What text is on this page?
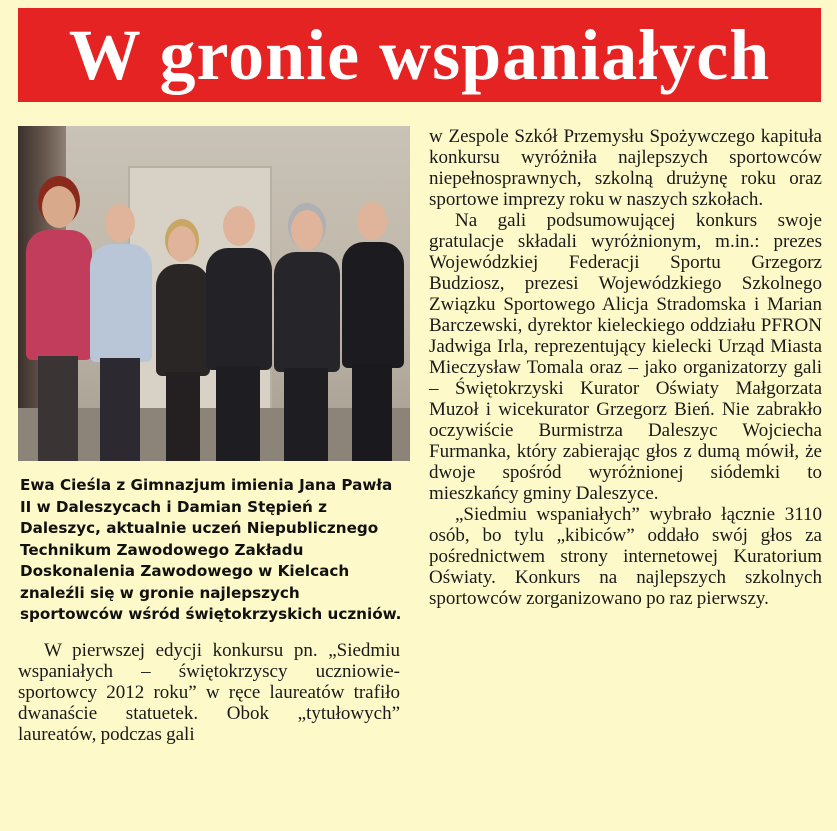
W gronie wspaniałych

Ewa Cieśla z Gimnazjum imienia Jana Pawła II w Daleszycach i Damian Stępień z Daleszyc, aktualnie uczeń Niepublicznego Technikum Zawodowego Zakładu Doskonalenia Zawodowego w Kielcach znaleźli się w gronie najlepszych sportowców wśród świętokrzyskich uczniów.

W pierwszej edycji konkursu pn. „Siedmiu wspaniałych – świętokrzyscy uczniowie-sportowcy 2012 roku” w ręce laureatów trafiło dwanaście statuetek. Obok „tytułowych” laureatów, podczas gali

w Zespole Szkół Przemysłu Spożywczego kapituła konkursu wyróżniła najlepszych sportowców niepełnosprawnych, szkolną drużynę roku oraz sportowe imprezy roku w naszych szkołach.

Na gali podsumowującej konkurs swoje gratulacje składali wyróżnionym, m.in.: prezes Wojewódzkiej Federacji Sportu Grzegorz Budziosz, prezesi Wojewódzkiego Szkolnego Związku Sportowego Alicja Stradomska i Marian Barczewski, dyrektor kieleckiego oddziału PFRON Jadwiga Irla, reprezentujący kielecki Urząd Miasta Mieczysław Tomala oraz – jako organizatorzy gali – Świętokrzyski Kurator Oświaty Małgorzata Muzoł i wicekurator Grzegorz Bień. Nie zabrakło oczywiście Burmistrza Daleszyc Wojciecha Furmanka, który zabierając głos z dumą mówił, że dwoje spośród wyróżnionej siódemki to mieszkańcy gminy Daleszyce.

„Siedmiu wspaniałych” wybrało łącznie 3110 osób, bo tylu „kibiców” oddało swój głos za pośrednictwem strony internetowej Kuratorium Oświaty. Konkurs na najlepszych szkolnych sportowców zorganizowano po raz pierwszy.
